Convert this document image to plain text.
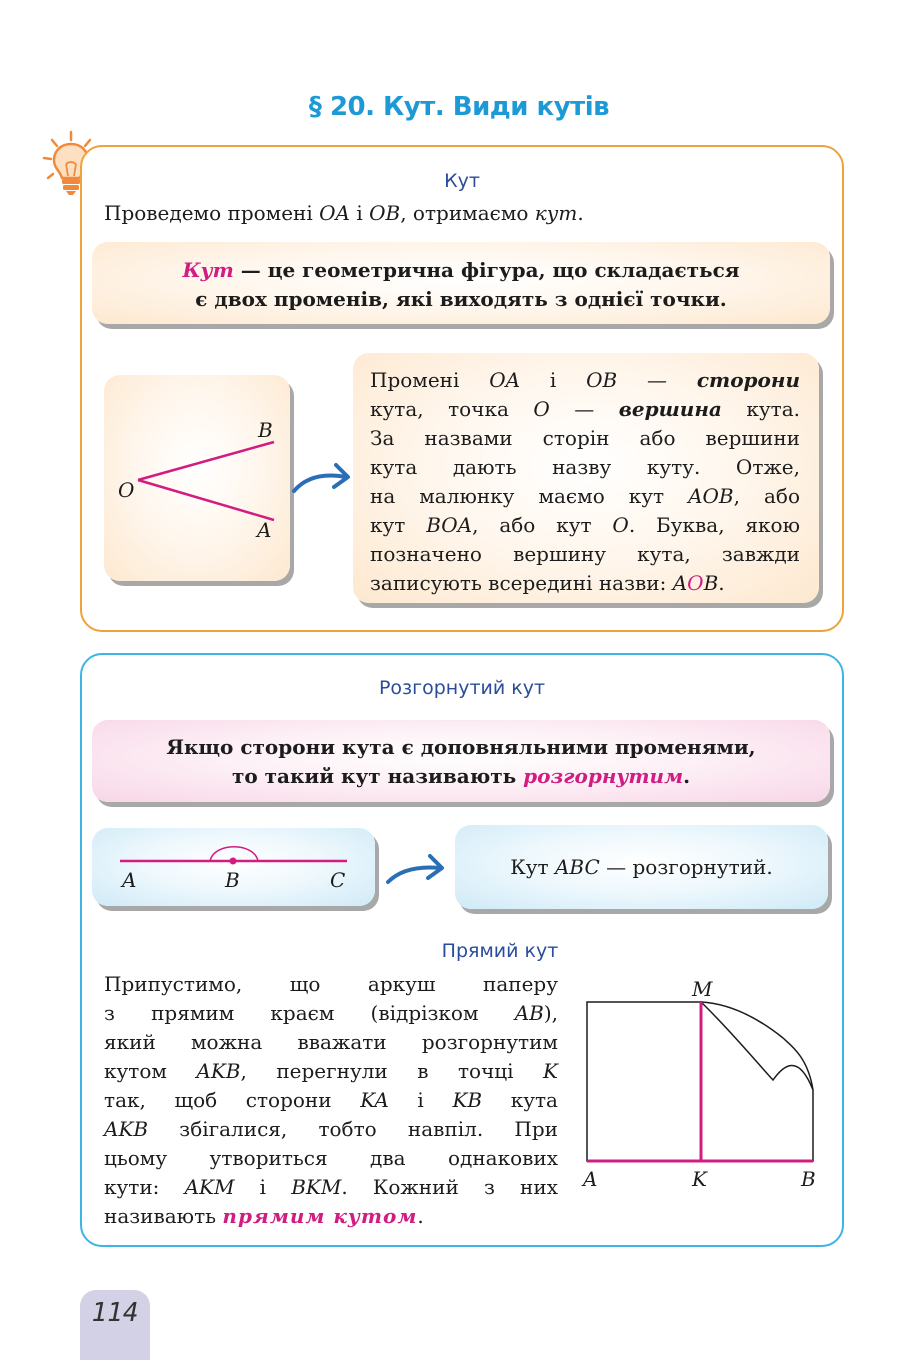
§ 20. Кут. Види кутів
Кут
Проведемо промені OA і OB, отримаємо кут.
Кут — це геометрична фігура, що складається
є двох променів, які виходять з однієї точки.
O
B
A
Промені OA і OB — сторони
кута, точка O — вершина кута.
За назвами сторін або вершини
кута дають назву куту. Отже,
на малюнку маємо кут AOB, або
кут BOA, або кут O. Буква, якою
позначено вершину кута, завжди
записують всередині назви: AOB.
Розгорнутий кут
Якщо сторони кута є доповняльними променями,
то такий кут називають розгорнутим.
A	B	C
Кут ABC — розгорнутий.
Прямий кут
Припустимо, що аркуш паперу
з прямим краєм (відрізком AB),
який можна вважати розгорнутим
кутом AKB, перегнули в точці K
так, щоб сторони KA і KB кута
AKB збігалися, тобто навпіл. При
цьому утвориться два однакових
кути: AKM і BKM. Кожний з них
називають прямим кутом.
M
A	K	B
114
